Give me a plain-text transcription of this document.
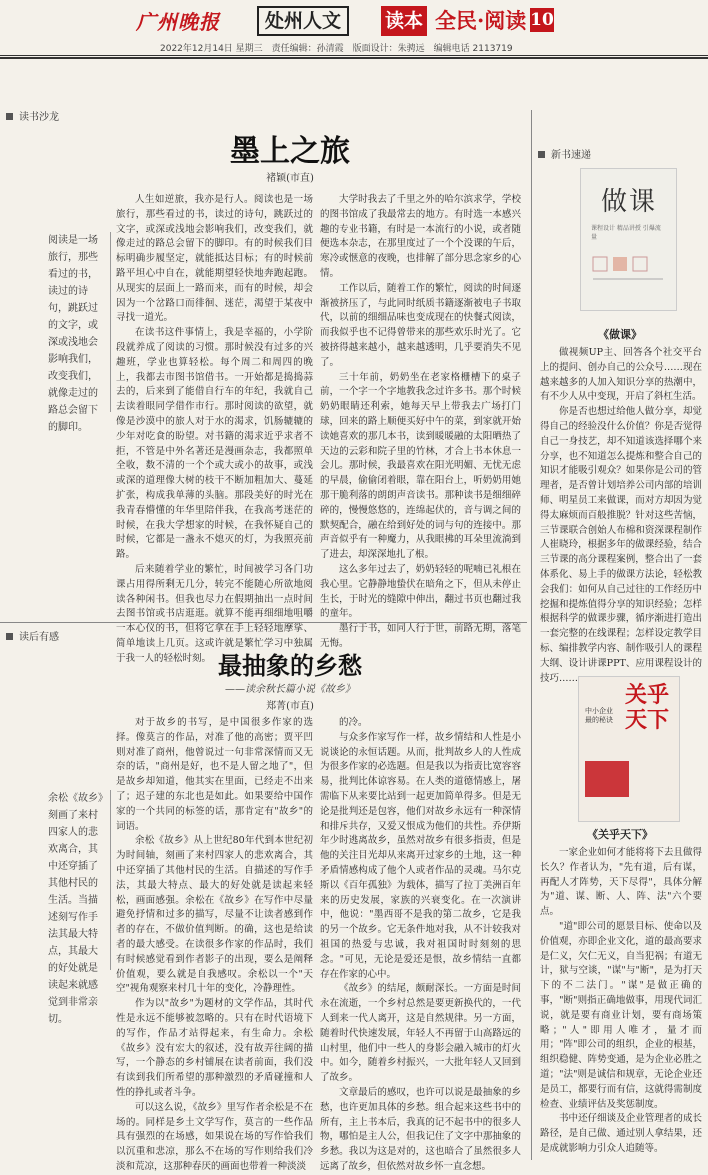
广州晚报	处州人文	读本 全民·阅读 10
2022年12月14日 星期三　责任编辑：孙清霞　版面设计：朱骋远　编辑电话 2113719
读书沙龙
墨上之旅
褚颖(市直)
阅读是一场旅行，那些看过的书，读过的诗句，跳跃过的文字，或深或浅地会影响我们，改变我们，就像走过的路总会留下的脚印。

人生如逆旅，我亦是行人。阅读也是一场旅行，那些看过的书，读过的诗句，跳跃过的文字，或深或浅地会影响我们，改变我们，就像走过的路总会留下的脚印。有的时候我们目标明确步履坚定，就能抵达目标；有的时候前路平坦心中自在，就能期望轻快地奔跑起跑。从现实的层面上一路而来，而有的时候，却会因为一个岔路口而徘徊、迷茫，渴望于某夜中寻找一道光。

在读书这件事情上，我是幸福的，小学阶段就养成了阅读的习惯。那时候没有过多的兴趣班，学业也算轻松。每个周二和周四的晚上，我都去市图书馆借书。一开始都是捣捣蒜去的，后来到了能借自行车的年纪，我就自己去读着眼同学借作市行。那时阅读的欲望，就像是沙漠中的旅人对于水的渴求，饥肠辘辘的少年对吃食的盼望。对书籍的渴求近乎求者不拒，不管是中外名著还是漫画杂志，我都照单全收，数不清的一个个或大或小的故事，或浅或深的道理像大树的枝干不断加粗加大、蔓延扩张，构成我单薄的头脑。那段美好的时光在我青春懵懂的年华里陪伴我，在我高考迷茫的时候，在我大学想家的时候，在我怀疑自己的时候，它都是一盏永不熄灭的灯，为我照亮前路。

后来随着学业的繁忙，时间被学习各门功课占用得所剩无几分，转完不能随心所欲地阅读各种闲书。但我也尽力在假期抽出一点时间去图书馆或书店逛逛。就算不能再细细地咀嚼一本心仪的书，但将它拿在手上轻轻地摩挲、简单地读上几页。这或许就是繁忙学习中独属于我一人的轻松时刻。

大学时我去了千里之外的哈尔滨求学，学校的图书馆成了我最常去的地方。有时选一本感兴趣的专业书籍，有时是一本流行的小说，或者随便选本杂志，在那里度过了一个个没课的午后，寒冷或惬意的夜晚，也排解了部分思念家乡的心情。

工作以后，随着工作的繁忙，阅读的时间逐渐被挤压了，与此同时纸质书籍逐渐被电子书取代，以前的细细品味也变成现在的快餐式阅读，而我似乎也不记得曾带来的那些欢乐时光了。它被挤得越来越小，越来越透明，几乎要消失不见了。

三十年前，奶奶坐在老家格栅槽下的桌子前，一个字一个字地教我念过许多书。那个时候奶奶眼睛还利索，她每天早上带我去广场打门球，回来的路上顺便买好中午的菜，到家就开始读她喜欢的那几本书，读到暖暖融的太阳晒热了天边的云彩和院子里的竹林，才合上书本休息一会儿。那时候，我最喜欢在阳光明媚、无忧无虑的早晨，偷偷闭着眼，靠在阳台上，听奶奶用她那干脆利落的朗朗声音读书。那种读书是细细碎碎的，慢慢悠悠的，连绵起伏的，音与调之间的默契配合，融在给到好处的词与句的连接中。那声音似乎有一种魔力，从我眼拂的耳朵里流淌到了进去，却深深地扎了根。

这么多年过去了，奶奶轻轻的呢喃已礼根在我心里。它静静地蛰伏在暗角之下，但从未停止生长，于时光的缝隙中伸出，翻过书页也翻过我的童年。

墨行于书，如同人行于世，前路无期，落笔无悔。

读后有感
最抽象的乡愁
——读余秋长篇小说《故乡》
郑菁(市直)
余松《故乡》刻画了来村四家人的悲欢离合，其中还穿插了其他村民的生活。当描述刻写作手法其最大特点，其最大的好处就是读起来就感觉到非常亲切。

对于故乡的书写，是中国很多作家的选择。像莫言的作品，对准了他的高密；贾平凹则对准了商州，他曾说过一句非常深情而又无奈的话，"商州是好，也不是人留之地了"，但是故乡却知道，他其实在里面，已经走不出来了；迟子建的东北也是如此。如果要给中国作家的一个共同的标签的话，那肯定有"故乡"的词语。

余松《故乡》从上世纪80年代到本世纪初为时间轴，刻画了来村四家人的悲欢离合，其中还穿插了其他村民的生活。自描述的写作手法，其最大特点、最大的好处就是读起来轻松，画面感强。余松在《故乡》在写作中尽量避免抒情和过多的描写，尽量不让读者感到作者的存在，不做价值判断。的确，这也是给读者的最大感受。在读很多作家的作品时，我们有时候感觉看到作者影子的出现，要么是阐释价值观，要么就是自我感叹。余松以一个"天空"视角观察来村几十年的变化，冷静理性。

作为以"故乡"为题材的文学作品，其时代性是永远不能够被忽略的。只有在时代语境下的写作，作品才站得起来，有生命力。余松《故乡》没有宏大的叙述，没有故弄往阔的描写，一个静态的乡村铺展在读者前面，我们没有读到我们所希望的那种激烈的矛盾碰撞和人性的挣扎或者斗争。

可以这么说，《故乡》里写作者余松是不在场的。同样是乡土文学写作，莫言的一些作品具有强烈的在场感，如果说在场的写作恰我们以沉重和悲凉，那么不在场的写作则给我们冷淡和荒凉，这那种春厌的画面也带着一种淡淡

的冷。

与众多作家写作一样，故乡情结和人性是小说谈论的永恒话题。从而，批判故乡人的人性成为很多作家的必选题。但是我以为指责比宽容容易，批判比体谅容易。在人类的道德情感上，屠需临下从来要比站到一起更加简单得多。但是无论是批判还是包容，他们对故乡永远有一种深情和排斥共存，又爱又恨成为他们的共性。乔伊斯年少时逃离故乡，虽然对故乡有很多指责，但是他的关注目光却从来离开过家乡的土地，这一种矛盾情感构成了他个人或者作品的灵魂。马尔克斯以《百年孤独》为载体，描写了拉丁美洲百年来的历史发展，家族的兴衰变化。在一次演讲中，他说："墨西哥不是我的第二故乡，它是我的另一个故乡。它无条件地对我，从不计较我对祖国的热爱与忠诚，我对祖国时时刻刻的思念。"可见，无论是爱还是恨，故乡情结一直都存在作家的心中。

《故乡》的结尾，颇耐深长。一方面是时间永在流逝，一个乡村总然是要更新换代的，一代人到来一代人离开，这是自然规律。另一方面，随着时代快速发展，年轻人不再留于山高路远的山村里，他们中一些人的身影会融入城市的灯火中。如今，随着乡村振兴，一大批年轻人又回到了故乡。

文章最后的感叹，也许可以说是最抽象的乡愁，也许更加具体的乡愁。组合起来这些书中的所有，主上书本后，我真的记不起书中的很多人物，哪怕是主人公，但我记住了文字中那抽象的乡愁。我以为这是对的，这也暗合了虽然很多人远离了故乡，但依然对故乡怀一直念想。

新书速递
做课
课程设计 精品讲授 引爆流量
《做课》

做视频UP主、回答各个社交平台上的提问、创办自己的公众号……现在越来越多的人加入知识分享的热潮中，有不少人从中变现，开启了斜杠生活。

你是否也想过给他人做分享，却觉得自己的经验没什么价值？你是否觉得自己一身技艺，却不知道该选择哪个来分享，也不知道怎么提炼和整合自己的知识才能吸引观众？如果你是公司的管理者，是否曾计划培养公司内部的培训师、明星员工来做课，而对方却因为觉得太麻烦而百般推脱？针对这些苦恼，三节课联合创始人布棉和资深课程制作人崔晓玲，根据多年的做课经验，结合三节课的高分课程案例，整合出了一套体系化、易上手的做课方法论，轻松教会我们：如何从自己过往的工作经历中挖掘和提炼值得分享的知识经验；怎样根据科学的做课步骤，循序渐进打造出一套完整的在线课程；怎样设定教学目标、编排教学内容、制作吸引人的课程大纲、设计讲课PPT、应用课程设计的技巧……

中小企业最的秘诀
关乎天下
《关乎天下》

一家企业如何才能将将下去且做得长久？作者认为，"先有道，后有谋，再配人才阵势，天下尽得"，具体分解为"道、谋、断、人、阵、法"六个要点。

"道"即公司的愿景目标、使命以及价值观，亦即企业文化，道的最高要求是仁义，欠仁无义，自当犯祸；有道无计，狱与空谈，"谋"与"断"，是为打天下的不二法门。"谋"是做正确的事，"断"则指正确地做事，用现代词汇说，就是要有商业计划，要有商场策略；"人"即用人唯才，量才而用；"阵"即公司的组织，企业的根基，组织稳健、阵势变通，是为企业必胜之道；"法"则是诚信和规章，无论企业还是员工，都要行而有信，这就得需制度检查、业绩评估及奖惩制度。

书中还仔细谈及企业管理者的成长路径，是自己做、通过别人拿结果，还是成就影响力引众人追随等。
